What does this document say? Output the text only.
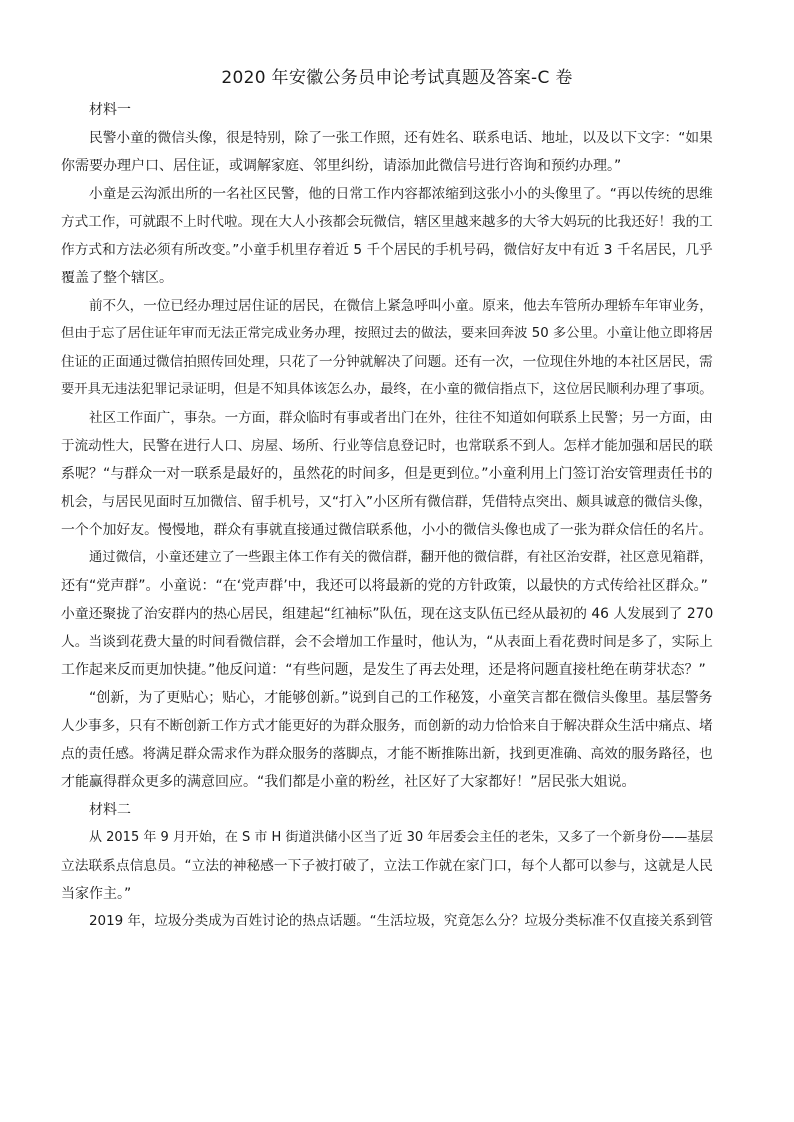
2020 年安徽公务员申论考试真题及答案-C 卷
材料一
民警小童的微信头像，很是特别，除了一张工作照，还有姓名、联系电话、地址，以及以下文字：“如果
你需要办理户口、居住证，或调解家庭、邻里纠纷，请添加此微信号进行咨询和预约办理。”
小童是云沟派出所的一名社区民警，他的日常工作内容都浓缩到这张小小的头像里了。“再以传统的思维
方式工作，可就跟不上时代啦。现在大人小孩都会玩微信，辖区里越来越多的大爷大妈玩的比我还好！我的工
作方式和方法必须有所改变。”小童手机里存着近 5 千个居民的手机号码，微信好友中有近 3 千名居民，几乎
覆盖了整个辖区。
前不久，一位已经办理过居住证的居民，在微信上紧急呼叫小童。原来，他去车管所办理轿车年审业务，
但由于忘了居住证年审而无法正常完成业务办理，按照过去的做法，要来回奔波 50 多公里。小童让他立即将居
住证的正面通过微信拍照传回处理，只花了一分钟就解决了问题。还有一次，一位现住外地的本社区居民，需
要开具无违法犯罪记录证明，但是不知具体该怎么办，最终，在小童的微信指点下，这位居民顺利办理了事项。
社区工作面广，事杂。一方面，群众临时有事或者出门在外，往往不知道如何联系上民警；另一方面，由
于流动性大，民警在进行人口、房屋、场所、行业等信息登记时，也常联系不到人。怎样才能加强和居民的联
系呢？“与群众一对一联系是最好的，虽然花的时间多，但是更到位。”小童利用上门签订治安管理责任书的
机会，与居民见面时互加微信、留手机号，又“打入”小区所有微信群，凭借特点突出、颇具诚意的微信头像，
一个个加好友。慢慢地，群众有事就直接通过微信联系他，小小的微信头像也成了一张为群众信任的名片。
通过微信，小童还建立了一些跟主体工作有关的微信群，翻开他的微信群，有社区治安群，社区意见箱群，
还有“党声群”。小童说：“在‘党声群’中，我还可以将最新的党的方针政策，以最快的方式传给社区群众。”
小童还聚拢了治安群内的热心居民，组建起“红袖标”队伍，现在这支队伍已经从最初的 46 人发展到了 270
人。当谈到花费大量的时间看微信群，会不会增加工作量时，他认为，“从表面上看花费时间是多了，实际上
工作起来反而更加快捷。”他反问道：“有些问题，是发生了再去处理，还是将问题直接杜绝在萌芽状态？”
“创新，为了更贴心；贴心，才能够创新。”说到自己的工作秘笈，小童笑言都在微信头像里。基层警务
人少事多，只有不断创新工作方式才能更好的为群众服务，而创新的动力恰恰来自于解决群众生活中痛点、堵
点的责任感。将满足群众需求作为群众服务的落脚点，才能不断推陈出新，找到更准确、高效的服务路径，也
才能赢得群众更多的满意回应。“我们都是小童的粉丝，社区好了大家都好！”居民张大姐说。
材料二
从 2015 年 9 月开始，在 S 市 H 街道洪储小区当了近 30 年居委会主任的老朱，又多了一个新身份——基层
立法联系点信息员。“立法的神秘感一下子被打破了，立法工作就在家门口，每个人都可以参与，这就是人民
当家作主。”
2019 年，垃圾分类成为百姓讨论的热点话题。“生活垃圾，究竟怎么分？垃圾分类标准不仅直接关系到管
